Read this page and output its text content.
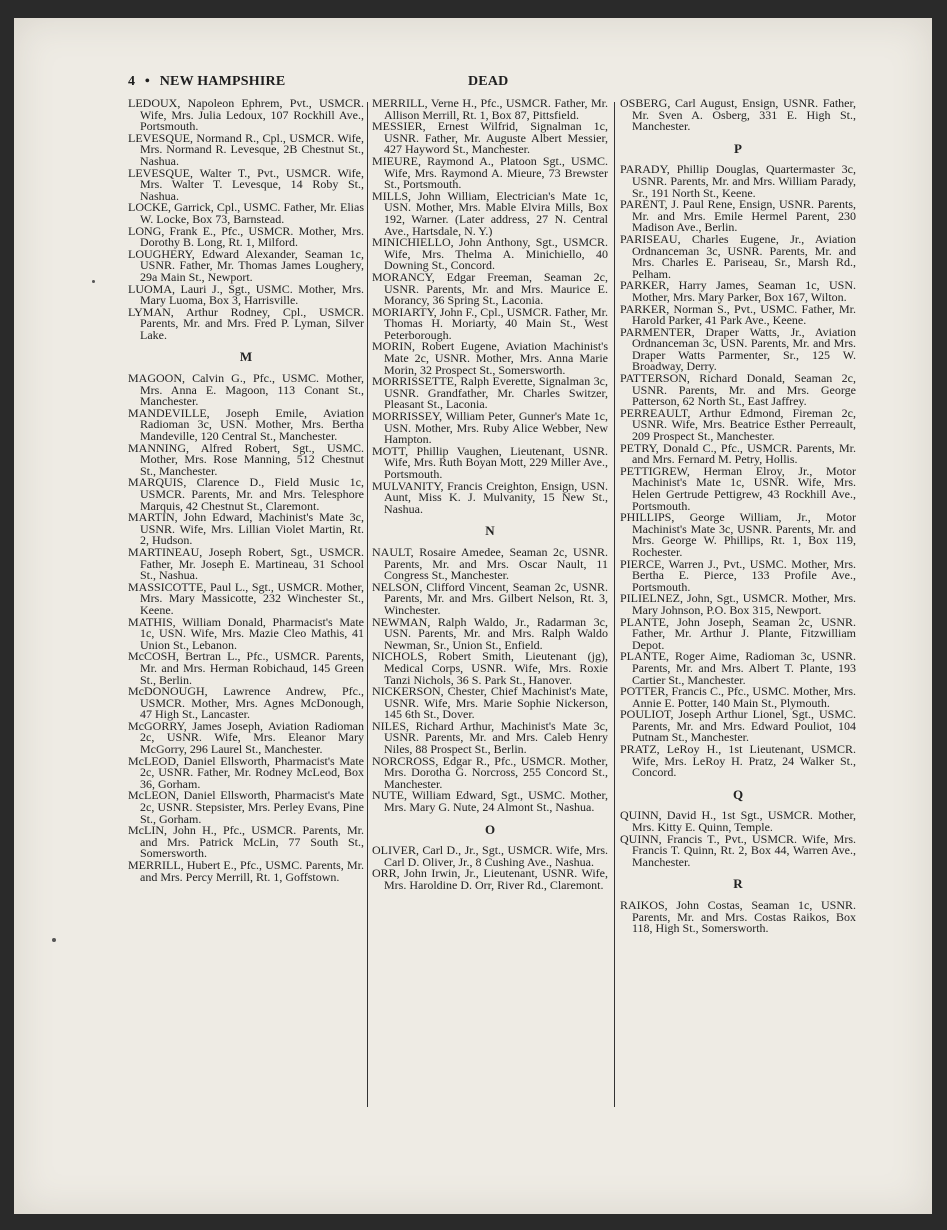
4 • NEW HAMPSHIRE	DEAD

LEDOUX, Napoleon Ephrem, Pvt., USMCR. Wife, Mrs. Julia Ledoux, 107 Rockhill Ave., Portsmouth.

LEVESQUE, Normand R., Cpl., USMCR. Wife, Mrs. Normand R. Levesque, 2B Chestnut St., Nashua.

LEVESQUE, Walter T., Pvt., USMCR. Wife, Mrs. Walter T. Levesque, 14 Roby St., Nashua.

LOCKE, Garrick, Cpl., USMC. Father, Mr. Elias W. Locke, Box 73, Barnstead.

LONG, Frank E., Pfc., USMCR. Mother, Mrs. Dorothy B. Long, Rt. 1, Milford.

LOUGHERY, Edward Alexander, Seaman 1c, USNR. Father, Mr. Thomas James Loughery, 29a Main St., Newport.

LUOMA, Lauri J., Sgt., USMC. Mother, Mrs. Mary Luoma, Box 3, Harrisville.

LYMAN, Arthur Rodney, Cpl., USMCR. Parents, Mr. and Mrs. Fred P. Lyman, Silver Lake.

M

MAGOON, Calvin G., Pfc., USMC. Mother, Mrs. Anna E. Magoon, 113 Conant St., Manchester.

MANDEVILLE, Joseph Emile, Aviation Radioman 3c, USN. Mother, Mrs. Bertha Mandeville, 120 Central St., Manchester.

MANNING, Alfred Robert, Sgt., USMC. Mother, Mrs. Rose Manning, 512 Chestnut St., Manchester.

MARQUIS, Clarence D., Field Music 1c, USMCR. Parents, Mr. and Mrs. Telesphore Marquis, 42 Chestnut St., Claremont.

MARTIN, John Edward, Machinist's Mate 3c, USNR. Wife, Mrs. Lillian Violet Martin, Rt. 2, Hudson.

MARTINEAU, Joseph Robert, Sgt., USMCR. Father, Mr. Joseph E. Martineau, 31 School St., Nashua.

MASSICOTTE, Paul L., Sgt., USMCR. Mother, Mrs. Mary Massicotte, 232 Winchester St., Keene.

MATHIS, William Donald, Pharmacist's Mate 1c, USN. Wife, Mrs. Mazie Cleo Mathis, 41 Union St., Lebanon.

McCOSH, Bertran L., Pfc., USMCR. Parents, Mr. and Mrs. Herman Robichaud, 145 Green St., Berlin.

McDONOUGH, Lawrence Andrew, Pfc., USMCR. Mother, Mrs. Agnes McDonough, 47 High St., Lancaster.

McGORRY, James Joseph, Aviation Radioman 2c, USNR. Wife, Mrs. Eleanor Mary McGorry, 296 Laurel St., Manchester.

McLEOD, Daniel Ellsworth, Pharmacist's Mate 2c, USNR. Father, Mr. Rodney McLeod, Box 36, Gorham.

McLEON, Daniel Ellsworth, Pharmacist's Mate 2c, USNR. Stepsister, Mrs. Perley Evans, Pine St., Gorham.

McLIN, John H., Pfc., USMCR. Parents, Mr. and Mrs. Patrick McLin, 77 South St., Somersworth.

MERRILL, Hubert E., Pfc., USMC. Parents, Mr. and Mrs. Percy Merrill, Rt. 1, Goffstown.

MERRILL, Verne H., Pfc., USMCR. Father, Mr. Allison Merrill, Rt. 1, Box 87, Pittsfield.

MESSIER, Ernest Wilfrid, Signalman 1c, USNR. Father, Mr. Auguste Albert Messier, 427 Hayword St., Manchester.

MIEURE, Raymond A., Platoon Sgt., USMC. Wife, Mrs. Raymond A. Mieure, 73 Brewster St., Portsmouth.

MILLS, John William, Electrician's Mate 1c, USN. Mother, Mrs. Mable Elvira Mills, Box 192, Warner. (Later address, 27 N. Central Ave., Hartsdale, N. Y.)

MINICHIELLO, John Anthony, Sgt., USMCR. Wife, Mrs. Thelma A. Minichiello, 40 Downing St., Concord.

MORANCY, Edgar Freeman, Seaman 2c, USNR. Parents, Mr. and Mrs. Maurice E. Morancy, 36 Spring St., Laconia.

MORIARTY, John F., Cpl., USMCR. Father, Mr. Thomas H. Moriarty, 40 Main St., West Peterborough.

MORIN, Robert Eugene, Aviation Machinist's Mate 2c, USNR. Mother, Mrs. Anna Marie Morin, 32 Prospect St., Somersworth.

MORRISSETTE, Ralph Everette, Signalman 3c, USNR. Grandfather, Mr. Charles Switzer, Pleasant St., Laconia.

MORRISSEY, William Peter, Gunner's Mate 1c, USN. Mother, Mrs. Ruby Alice Webber, New Hampton.

MOTT, Phillip Vaughen, Lieutenant, USNR. Wife, Mrs. Ruth Boyan Mott, 229 Miller Ave., Portsmouth.

MULVANITY, Francis Creighton, Ensign, USN. Aunt, Miss K. J. Mulvanity, 15 New St., Nashua.

N

NAULT, Rosaire Amedee, Seaman 2c, USNR. Parents, Mr. and Mrs. Oscar Nault, 11 Congress St., Manchester.

NELSON, Clifford Vincent, Seaman 2c, USNR. Parents, Mr. and Mrs. Gilbert Nelson, Rt. 3, Winchester.

NEWMAN, Ralph Waldo, Jr., Radarman 3c, USN. Parents, Mr. and Mrs. Ralph Waldo Newman, Sr., Union St., Enfield.

NICHOLS, Robert Smith, Lieutenant (jg), Medical Corps, USNR. Wife, Mrs. Roxie Tanzi Nichols, 36 S. Park St., Hanover.

NICKERSON, Chester, Chief Machinist's Mate, USNR. Wife, Mrs. Marie Sophie Nickerson, 145 6th St., Dover.

NILES, Richard Arthur, Machinist's Mate 3c, USNR. Parents, Mr. and Mrs. Caleb Henry Niles, 88 Prospect St., Berlin.

NORCROSS, Edgar R., Pfc., USMCR. Mother, Mrs. Dorotha G. Norcross, 255 Concord St., Manchester.

NUTE, William Edward, Sgt., USMC. Mother, Mrs. Mary G. Nute, 24 Almont St., Nashua.

O

OLIVER, Carl D., Jr., Sgt., USMCR. Wife, Mrs. Carl D. Oliver, Jr., 8 Cushing Ave., Nashua.

ORR, John Irwin, Jr., Lieutenant, USNR. Wife, Mrs. Haroldine D. Orr, River Rd., Claremont.

OSBERG, Carl August, Ensign, USNR. Father, Mr. Sven A. Osberg, 331 E. High St., Manchester.

P

PARADY, Phillip Douglas, Quartermaster 3c, USNR. Parents, Mr. and Mrs. William Parady, Sr., 191 North St., Keene.

PARENT, J. Paul Rene, Ensign, USNR. Parents, Mr. and Mrs. Emile Hermel Parent, 230 Madison Ave., Berlin.

PARISEAU, Charles Eugene, Jr., Aviation Ordnanceman 3c, USNR. Parents, Mr. and Mrs. Charles E. Pariseau, Sr., Marsh Rd., Pelham.

PARKER, Harry James, Seaman 1c, USN. Mother, Mrs. Mary Parker, Box 167, Wilton.

PARKER, Norman S., Pvt., USMC. Father, Mr. Harold Parker, 41 Park Ave., Keene.

PARMENTER, Draper Watts, Jr., Aviation Ordnanceman 3c, USN. Parents, Mr. and Mrs. Draper Watts Parmenter, Sr., 125 W. Broadway, Derry.

PATTERSON, Richard Donald, Seaman 2c, USNR. Parents, Mr. and Mrs. George Patterson, 62 North St., East Jaffrey.

PERREAULT, Arthur Edmond, Fireman 2c, USNR. Wife, Mrs. Beatrice Esther Perreault, 209 Prospect St., Manchester.

PETRY, Donald C., Pfc., USMCR. Parents, Mr. and Mrs. Fernard M. Petry, Hollis.

PETTIGREW, Herman Elroy, Jr., Motor Machinist's Mate 1c, USNR. Wife, Mrs. Helen Gertrude Pettigrew, 43 Rockhill Ave., Portsmouth.

PHILLIPS, George William, Jr., Motor Machinist's Mate 3c, USNR. Parents, Mr. and Mrs. George W. Phillips, Rt. 1, Box 119, Rochester.

PIERCE, Warren J., Pvt., USMC. Mother, Mrs. Bertha E. Pierce, 133 Profile Ave., Portsmouth.

PILIELNEZ, John, Sgt., USMCR. Mother, Mrs. Mary Johnson, P.O. Box 315, Newport.

PLANTE, John Joseph, Seaman 2c, USNR. Father, Mr. Arthur J. Plante, Fitzwilliam Depot.

PLANTE, Roger Aime, Radioman 3c, USNR. Parents, Mr. and Mrs. Albert T. Plante, 193 Cartier St., Manchester.

POTTER, Francis C., Pfc., USMC. Mother, Mrs. Annie E. Potter, 140 Main St., Plymouth.

POULIOT, Joseph Arthur Lionel, Sgt., USMC. Parents, Mr. and Mrs. Edward Pouliot, 104 Putnam St., Manchester.

PRATZ, LeRoy H., 1st Lieutenant, USMCR. Wife, Mrs. LeRoy H. Pratz, 24 Walker St., Concord.

Q

QUINN, David H., 1st Sgt., USMCR. Mother, Mrs. Kitty E. Quinn, Temple.

QUINN, Francis T., Pvt., USMCR. Wife, Mrs. Francis T. Quinn, Rt. 2, Box 44, Warren Ave., Manchester.

R

RAIKOS, John Costas, Seaman 1c, USNR. Parents, Mr. and Mrs. Costas Raikos, Box 118, High St., Somersworth.
